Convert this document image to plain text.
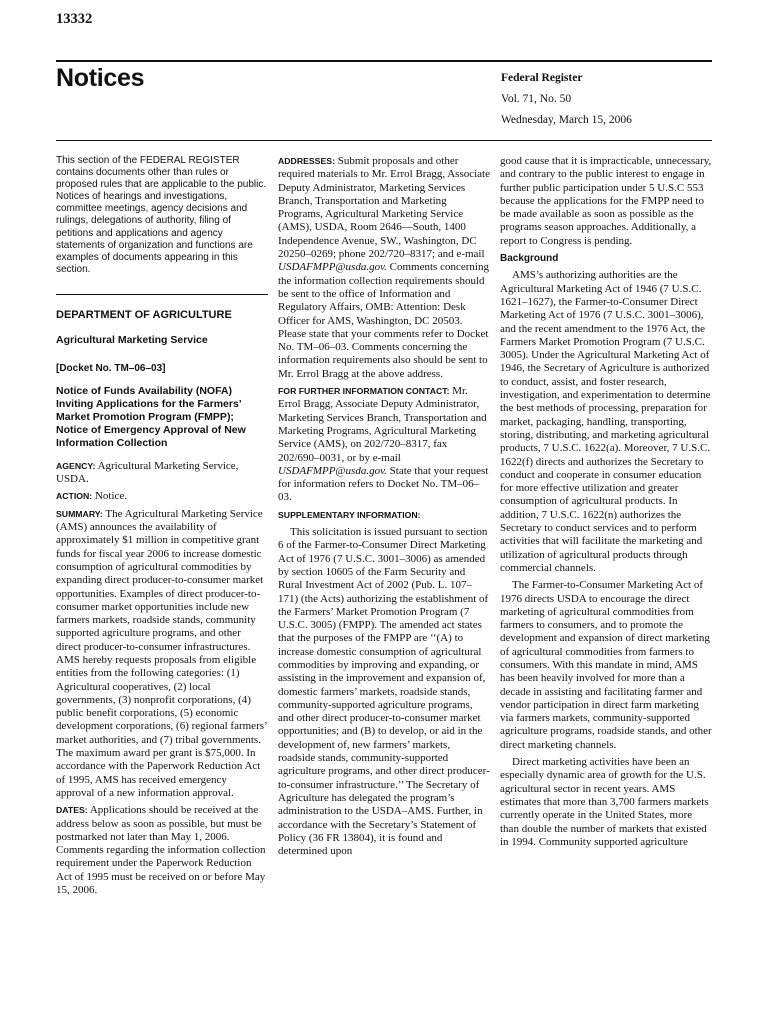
13332
Notices	Federal Register
Vol. 71, No. 50
Wednesday, March 15, 2006

This section of the FEDERAL REGISTER contains documents other than rules or proposed rules that are applicable to the public. Notices of hearings and investigations, committee meetings, agency decisions and rulings, delegations of authority, filing of petitions and applications and agency statements of organization and functions are examples of documents appearing in this section.

DEPARTMENT OF AGRICULTURE
Agricultural Marketing Service
[Docket No. TM–06–03]
Notice of Funds Availability (NOFA) Inviting Applications for the Farmers’ Market Promotion Program (FMPP); Notice of Emergency Approval of New Information Collection

AGENCY: Agricultural Marketing Service, USDA.

ACTION: Notice.

SUMMARY: The Agricultural Marketing Service (AMS) announces the availability of approximately $1 million in competitive grant funds for fiscal year 2006 to increase domestic consumption of agricultural commodities by expanding direct producer-to-consumer market opportunities. Examples of direct producer-to-consumer market opportunities include new farmers markets, roadside stands, community supported agriculture programs, and other direct producer-to-consumer infrastructures. AMS hereby requests proposals from eligible entities from the following categories: (1) Agricultural cooperatives, (2) local governments, (3) nonprofit corporations, (4) public benefit corporations, (5) economic development corporations, (6) regional farmers’ market authorities, and (7) tribal governments. The maximum award per grant is $75,000. In accordance with the Paperwork Reduction Act of 1995, AMS has received emergency approval of a new information approval.

DATES: Applications should be received at the address below as soon as possible, but must be postmarked not later than May 1, 2006. Comments regarding the information collection requirement under the Paperwork Reduction Act of 1995 must be received on or before May 15, 2006.

ADDRESSES: Submit proposals and other required materials to Mr. Errol Bragg, Associate Deputy Administrator, Marketing Services Branch, Transportation and Marketing Programs, Agricultural Marketing Service (AMS), USDA, Room 2646—South, 1400 Independence Avenue, SW., Washington, DC 20250–0269; phone 202/720–8317; and e-mail USDAFMPP@usda.gov. Comments concerning the information collection requirements should be sent to the office of Information and Regulatory Affairs, OMB: Attention: Desk Officer for AMS, Washington, DC 20503. Please state that your comments refer to Docket No. TM–06–03. Comments concerning the information requirements also should be sent to Mr. Errol Bragg at the above address.

FOR FURTHER INFORMATION CONTACT: Mr. Errol Bragg, Associate Deputy Administrator, Marketing Services Branch, Transportation and Marketing Programs, Agricultural Marketing Service (AMS), on 202/720–8317, fax 202/690–0031, or by e-mail USDAFMPP@usda.gov. State that your request for information refers to Docket No. TM–06–03.

SUPPLEMENTARY INFORMATION:

This solicitation is issued pursuant to section 6 of the Farmer-to-Consumer Direct Marketing Act of 1976 (7 U.S.C. 3001–3006) as amended by section 10605 of the Farm Security and Rural Investment Act of 2002 (Pub. L. 107–171) (the Acts) authorizing the establishment of the Farmers’ Market Promotion Program (7 U.S.C. 3005) (FMPP). The amended act states that the purposes of the FMPP are ‘‘(A) to increase domestic consumption of agricultural commodities by improving and expanding, or assisting in the improvement and expansion of, domestic farmers’ markets, roadside stands, community-supported agriculture programs, and other direct producer-to-consumer market opportunities; and (B) to develop, or aid in the development of, new farmers’ markets, roadside stands, community-supported agriculture programs, and other direct producer-to-consumer infrastructure.’’ The Secretary of Agriculture has delegated the program’s administration to the USDA–AMS. Further, in accordance with the Secretary’s Statement of Policy (36 FR 13804), it is found and determined upon

good cause that it is impracticable, unnecessary, and contrary to the public interest to engage in further public participation under 5 U.S.C 553 because the applications for the FMPP need to be made available as soon as possible as the programs season approaches. Additionally, a report to Congress is pending.

Background

AMS’s authorizing authorities are the Agricultural Marketing Act of 1946 (7 U.S.C. 1621–1627), the Farmer-to-Consumer Direct Marketing Act of 1976 (7 U.S.C. 3001–3006), and the recent amendment to the 1976 Act, the Farmers Market Promotion Program (7 U.S.C. 3005). Under the Agricultural Marketing Act of 1946, the Secretary of Agriculture is authorized to conduct, assist, and foster research, investigation, and experimentation to determine the best methods of processing, preparation for market, packaging, handling, transporting, storing, distributing, and marketing agricultural products, 7 U.S.C. 1622(a). Moreover, 7 U.S.C. 1622(f) directs and authorizes the Secretary to conduct and cooperate in consumer education for more effective utilization and greater consumption of agricultural products. In addition, 7 U.S.C. 1622(n) authorizes the Secretary to conduct services and to perform activities that will facilitate the marketing and utilization of agricultural products through commercial channels.

The Farmer-to-Consumer Marketing Act of 1976 directs USDA to encourage the direct marketing of agricultural commodities from farmers to consumers, and to promote the development and expansion of direct marketing of agricultural commodities from farmers to consumers. With this mandate in mind, AMS has been heavily involved for more than a decade in assisting and facilitating farmer and vendor participation in direct farm marketing via farmers markets, community-supported agriculture programs, roadside stands, and other direct marketing channels.

Direct marketing activities have been an especially dynamic area of growth for the U.S. agricultural sector in recent years. AMS estimates that more than 3,700 farmers markets currently operate in the United States, more than double the number of markets that existed in 1994. Community supported agriculture
